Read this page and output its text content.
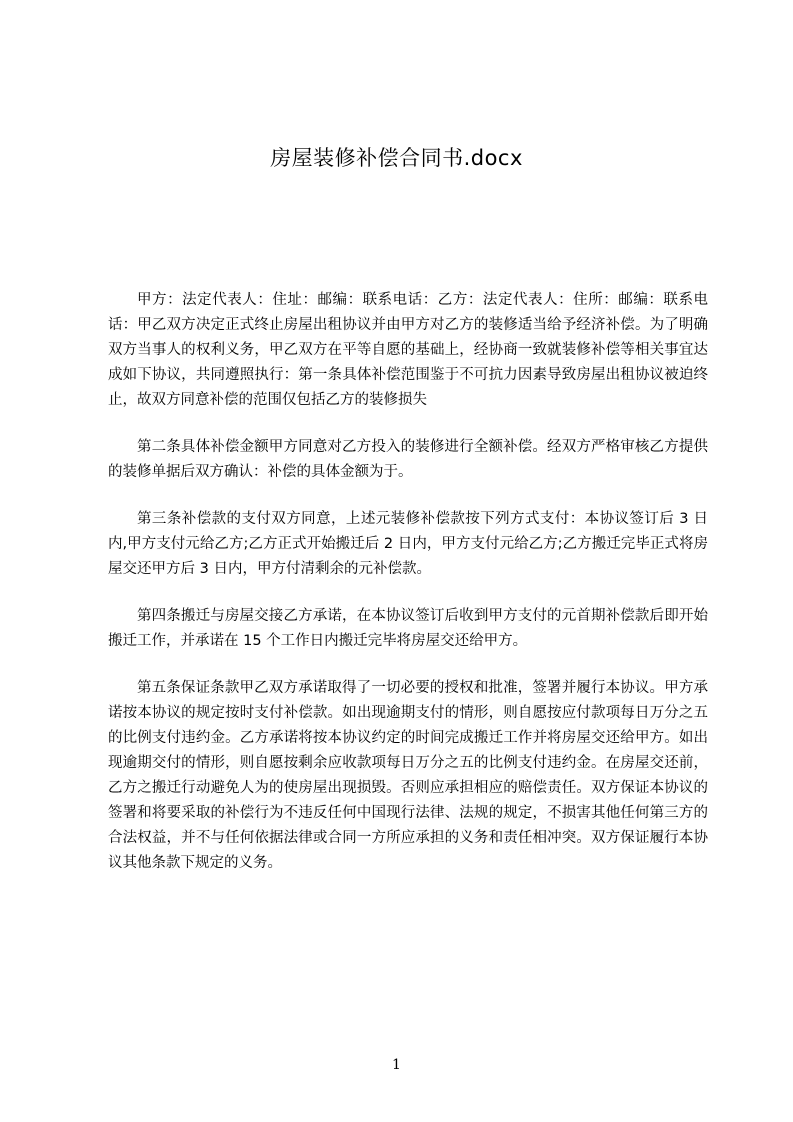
房屋装修补偿合同书.docx

甲方：法定代表人：住址：邮编：联系电话：乙方：法定代表人：住所：邮编：联系电话：甲乙双方决定正式终止房屋出租协议并由甲方对乙方的装修适当给予经济补偿。为了明确双方当事人的权利义务，甲乙双方在平等自愿的基础上，经协商一致就装修补偿等相关事宜达成如下协议，共同遵照执行：第一条具体补偿范围鉴于不可抗力因素导致房屋出租协议被迫终止，故双方同意补偿的范围仅包括乙方的装修损失

第二条具体补偿金额甲方同意对乙方投入的装修进行全额补偿。经双方严格审核乙方提供的装修单据后双方确认：补偿的具体金额为于。

第三条补偿款的支付双方同意，上述元装修补偿款按下列方式支付：本协议签订后 3 日内,甲方支付元给乙方;乙方正式开始搬迁后 2 日内，甲方支付元给乙方;乙方搬迁完毕正式将房屋交还甲方后 3 日内，甲方付清剩余的元补偿款。

第四条搬迁与房屋交接乙方承诺，在本协议签订后收到甲方支付的元首期补偿款后即开始搬迁工作，并承诺在 15 个工作日内搬迁完毕将房屋交还给甲方。

第五条保证条款甲乙双方承诺取得了一切必要的授权和批准，签署并履行本协议。甲方承诺按本协议的规定按时支付补偿款。如出现逾期支付的情形，则自愿按应付款项每日万分之五的比例支付违约金。乙方承诺将按本协议约定的时间完成搬迁工作并将房屋交还给甲方。如出现逾期交付的情形，则自愿按剩余应收款项每日万分之五的比例支付违约金。在房屋交还前，乙方之搬迁行动避免人为的使房屋出现损毁。否则应承担相应的赔偿责任。双方保证本协议的签署和将要采取的补偿行为不违反任何中国现行法律、法规的规定，不损害其他任何第三方的合法权益，并不与任何依据法律或合同一方所应承担的义务和责任相冲突。双方保证履行本协议其他条款下规定的义务。

1
